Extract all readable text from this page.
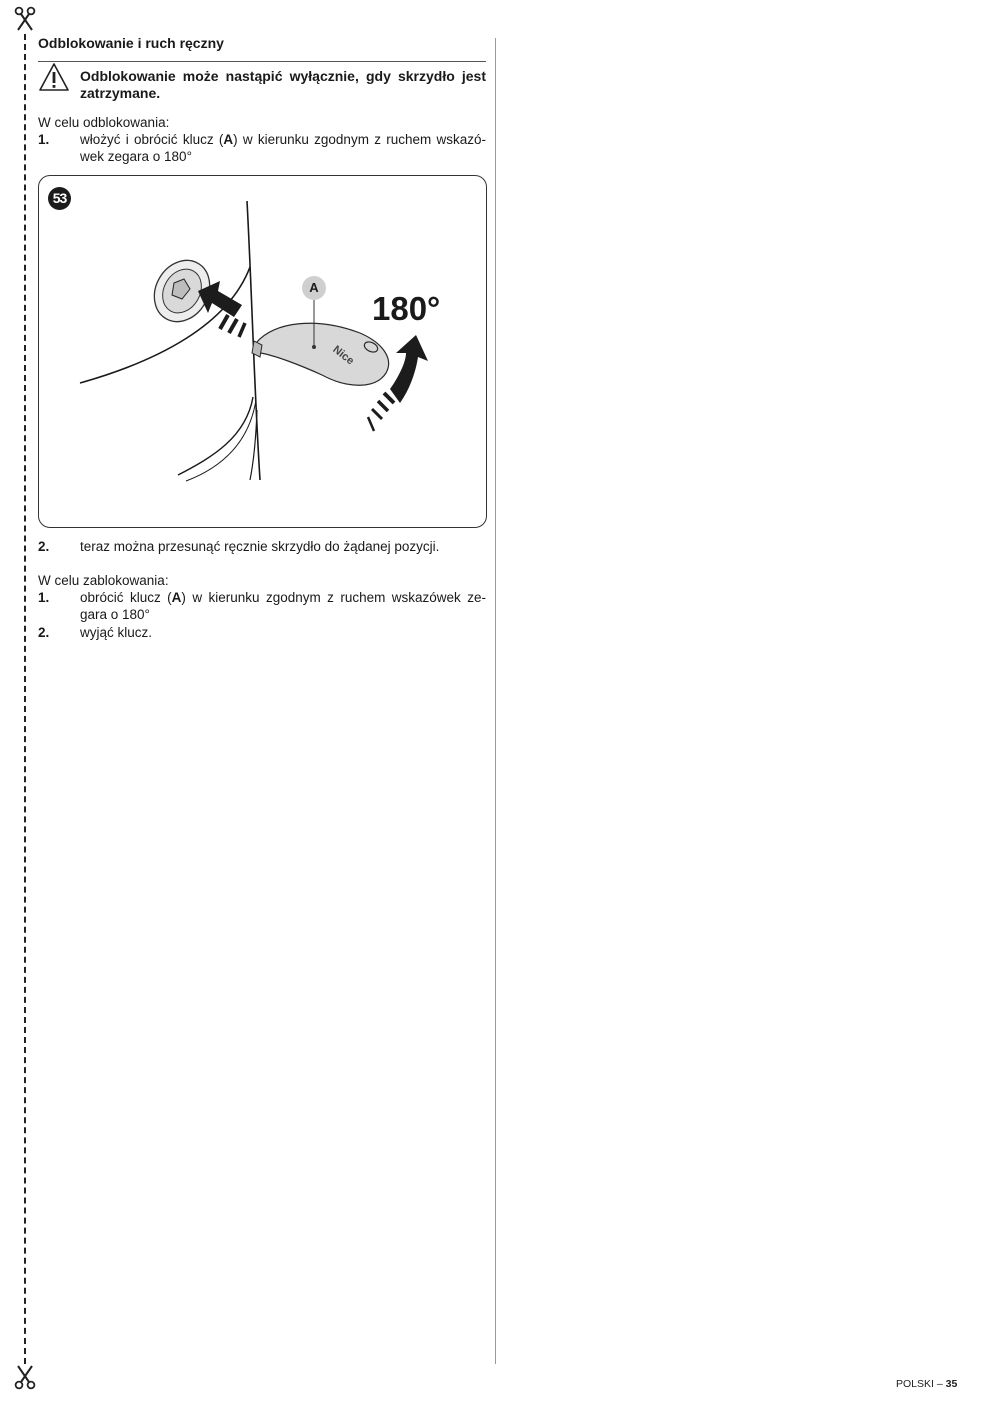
Odblokowanie i ruch ręczny
Odblokowanie może nastąpić wyłącznie, gdy skrzydło jest zatrzymane.
W celu odblokowania:
1. włożyć i obrócić klucz (A) w kierunku zgodnym z ruchem wskazó-wek zegara o 180°
Nice
53
A
180°
2. teraz można przesunąć ręcznie skrzydło do żądanej pozycji.
W celu zablokowania:
1. obrócić klucz (A) w kierunku zgodnym z ruchem wskazówek ze-gara o 180°
2. wyjąć klucz.
POLSKI – 35
